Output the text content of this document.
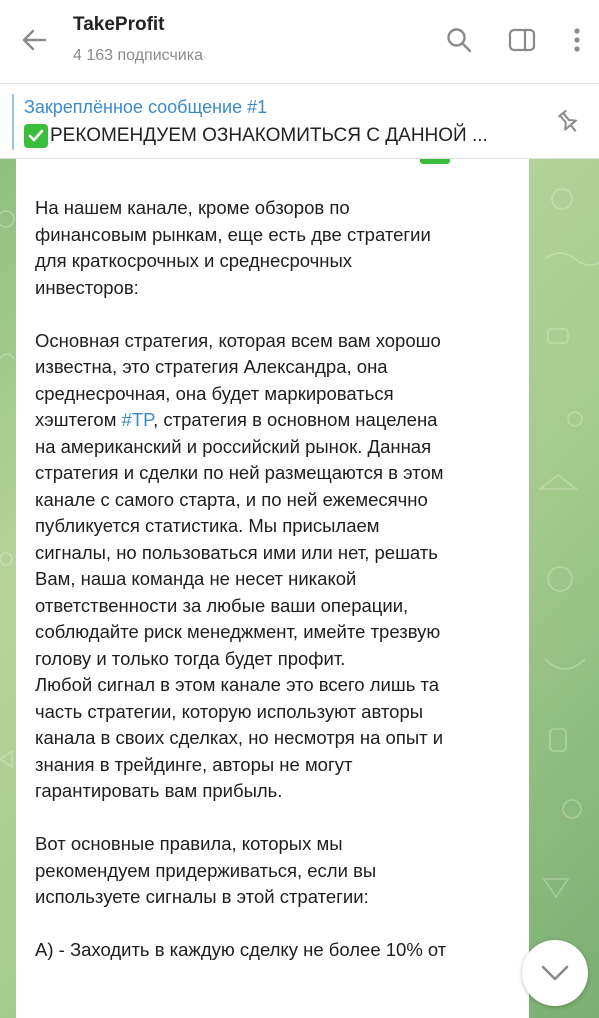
TakeProfit
4 163 подписчика
Закреплённое сообщение #1
РЕКОМЕНДУЕМ ОЗНАКОМИТЬСЯ С ДАННОЙ ...
На нашем канале, кроме обзоров по
финансовым рынкам, еще есть две стратегии
для краткосрочных и среднесрочных
инвесторов:

Основная стратегия, которая всем вам хорошо
известна, это стратегия Александра, она
среднесрочная, она будет маркироваться
хэштегом #TP, стратегия в основном нацелена
на американский и российский рынок. Данная
стратегия и сделки по ней размещаются в этом
канале с самого старта, и по ней ежемесячно
публикуется статистика. Мы присылаем
сигналы, но пользоваться ими или нет, решать
Вам, наша команда не несет никакой
ответственности за любые ваши операции,
соблюдайте риск менеджмент, имейте трезвую
голову и только тогда будет профит.
Любой сигнал в этом канале это всего лишь та
часть стратегии, которую используют авторы
канала в своих сделках, но несмотря на опыт и
знания в трейдинге, авторы не могут
гарантировать вам прибыль.

Вот основные правила, которых мы
рекомендуем придерживаться, если вы
используете сигналы в этой стратегии:

А) - Заходить в каждую сделку не более 10% от
